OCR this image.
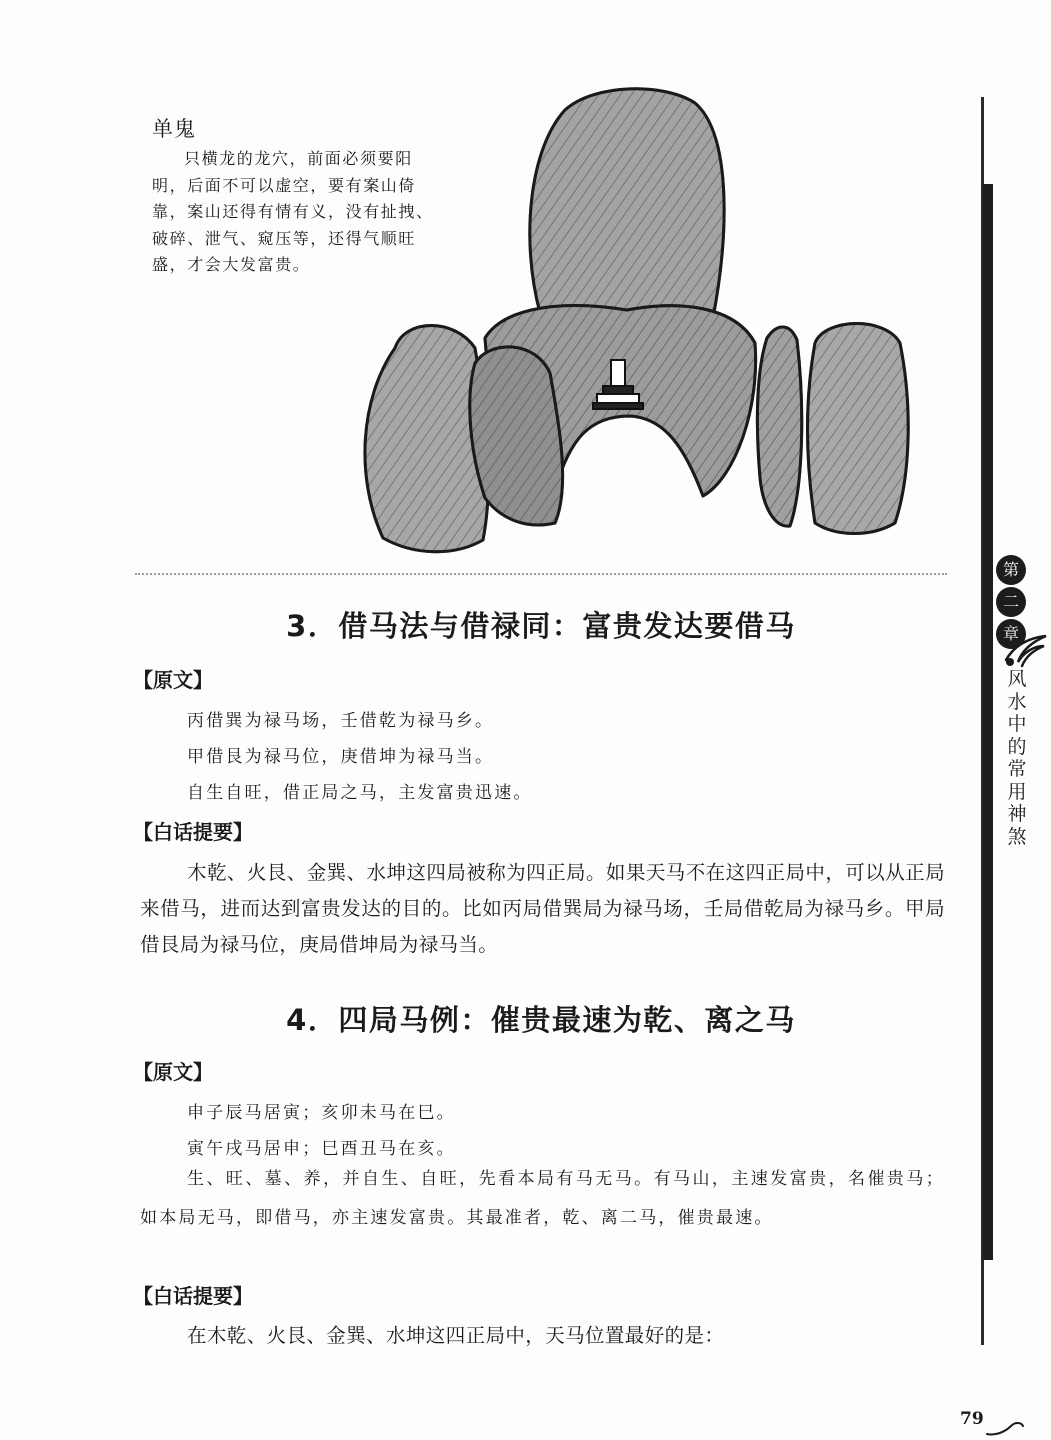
单鬼

只横龙的龙穴，前面必须要阳明，后面不可以虚空，要有案山倚靠，案山还得有情有义，没有扯拽、破碎、泄气、窥压等，还得气顺旺盛，才会大发富贵。

3．借马法与借禄同：富贵发达要借马

【原文】

丙借巽为禄马场，壬借乾为禄马乡。

甲借艮为禄马位，庚借坤为禄马当。

自生自旺，借正局之马，主发富贵迅速。

【白话提要】

木乾、火艮、金巽、水坤这四局被称为四正局。如果天马不在这四正局中，可以从正局来借马，进而达到富贵发达的目的。比如丙局借巽局为禄马场，壬局借乾局为禄马乡。甲局借艮局为禄马位，庚局借坤局为禄马当。

4．四局马例：催贵最速为乾、离之马

【原文】

申子辰马居寅；亥卯未马在巳。

寅午戌马居申；巳酉丑马在亥。

生、旺、墓、养，并自生、自旺，先看本局有马无马。有马山，主速发富贵，名催贵马；如本局无马，即借马，亦主速发富贵。其最准者，乾、离二马，催贵最速。

【白话提要】

在木乾、火艮、金巽、水坤这四正局中，天马位置最好的是：

第
二
章
风
水
中
的
常
用
神
煞
79
